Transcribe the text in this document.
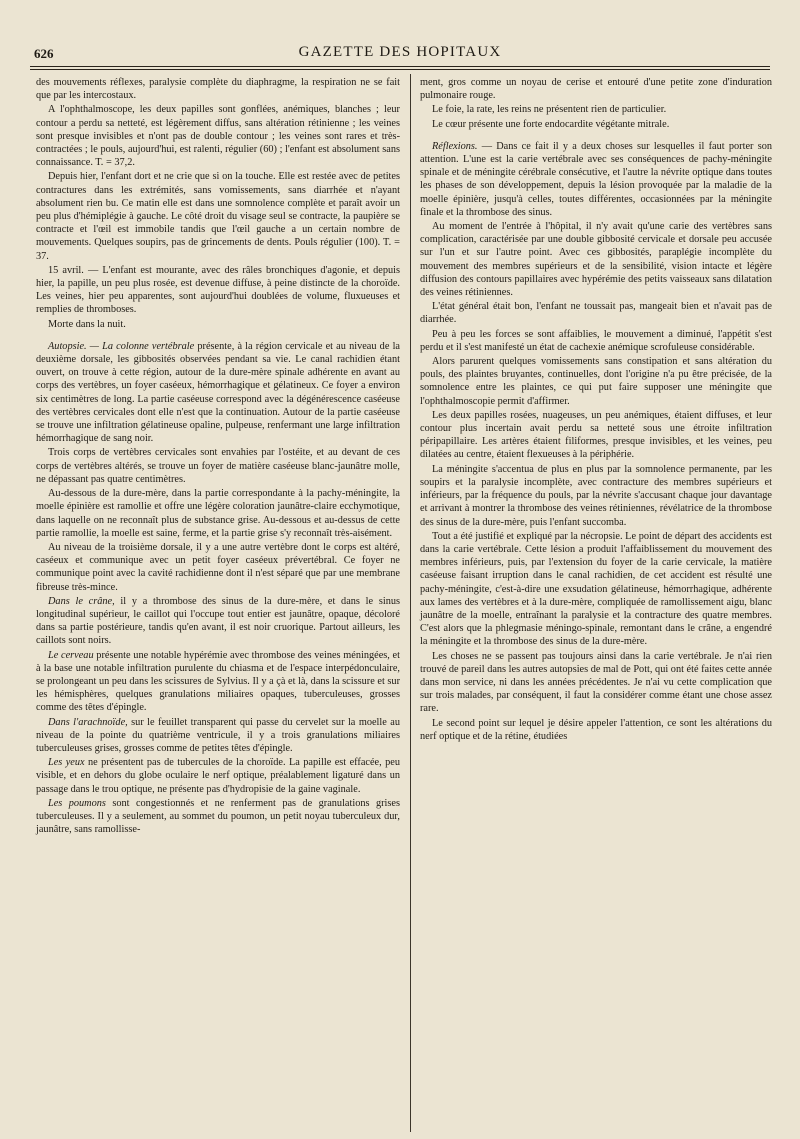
626	GAZETTE DES HOPITAUX

des mouvements réflexes, paralysie complète du diaphragme, la respiration ne se fait que par les intercostaux.

A l'ophthalmoscope, les deux papilles sont gonflées, anémiques, blanches ; leur contour a perdu sa netteté, est légèrement diffus, sans altération rétinienne ; les veines sont presque invisibles et n'ont pas de double contour ; les veines sont rares et très-contractées ; le pouls, aujourd'hui, est ralenti, régulier (60) ; l'enfant est absolument sans connaissance. T. = 37,2.

Depuis hier, l'enfant dort et ne crie que si on la touche. Elle est restée avec de petites contractures dans les extrémités, sans vomissements, sans diarrhée et n'ayant absolument rien bu. Ce matin elle est dans une somnolence complète et paraît avoir un peu plus d'hémiplégie à gauche. Le côté droit du visage seul se contracte, la paupière se contracte et l'œil est immobile tandis que l'œil gauche a un certain nombre de mouvements. Quelques soupirs, pas de grincements de dents. Pouls régulier (100). T. = 37.

15 avril. — L'enfant est mourante, avec des râles bronchiques d'agonie, et depuis hier, la papille, un peu plus rosée, est devenue diffuse, à peine distincte de la choroïde. Les veines, hier peu apparentes, sont aujourd'hui doublées de volume, fluxueuses et remplies de thromboses.

Morte dans la nuit.

Autopsie. — La colonne vertébrale présente, à la région cervicale et au niveau de la deuxième dorsale, les gibbosités observées pendant sa vie. Le canal rachidien étant ouvert, on trouve à cette région, autour de la dure-mère spinale adhérente en avant au corps des vertèbres, un foyer caséeux, hémorrhagique et gélatineux. Ce foyer a environ six centimètres de long. La partie caséeuse correspond avec la dégénérescence caséeuse des vertèbres cervicales dont elle n'est que la continuation. Autour de la partie caséeuse se trouve une infiltration gélatineuse opaline, pulpeuse, renfermant une large infiltration hémorrhagique de sang noir.

Trois corps de vertèbres cervicales sont envahies par l'ostéite, et au devant de ces corps de vertèbres altérés, se trouve un foyer de matière caséeuse blanc-jaunâtre molle, ne dépassant pas quatre centimètres.

Au-dessous de la dure-mère, dans la partie correspondante à la pachy-méningite, la moelle épinière est ramollie et offre une légère coloration jaunâtre-claire ecchymotique, dans laquelle on ne reconnaît plus de substance grise. Au-dessous et au-dessus de cette partie ramollie, la moelle est saine, ferme, et la partie grise s'y reconnaît très-aisément.

Au niveau de la troisième dorsale, il y a une autre vertèbre dont le corps est altéré, caséeux et communique avec un petit foyer caséeux prévertébral. Ce foyer ne communique point avec la cavité rachidienne dont il n'est séparé que par une membrane fibreuse très-mince.

Dans le crâne, il y a thrombose des sinus de la dure-mère, et dans le sinus longitudinal supérieur, le caillot qui l'occupe tout entier est jaunâtre, opaque, décoloré dans sa partie postérieure, tandis qu'en avant, il est noir cruorique. Partout ailleurs, les caillots sont noirs.

Le cerveau présente une notable hypérémie avec thrombose des veines méningées, et à la base une notable infiltration purulente du chiasma et de l'espace interpédonculaire, se prolongeant un peu dans les scissures de Sylvius. Il y a çà et là, dans la scissure et sur les hémisphères, quelques granulations miliaires opaques, tuberculeuses, grosses comme des têtes d'épingle.

Dans l'arachnoïde, sur le feuillet transparent qui passe du cervelet sur la moelle au niveau de la pointe du quatrième ventricule, il y a trois granulations miliaires tuberculeuses grises, grosses comme de petites têtes d'épingle.

Les yeux ne présentent pas de tubercules de la choroïde. La papille est effacée, peu visible, et en dehors du globe oculaire le nerf optique, préalablement ligaturé dans un passage dans le trou optique, ne présente pas d'hydropisie de la gaine vaginale.

Les poumons sont congestionnés et ne renferment pas de granulations grises tuberculeuses. Il y a seulement, au sommet du poumon, un petit noyau tuberculeux dur, jaunâtre, sans ramollisse-

ment, gros comme un noyau de cerise et entouré d'une petite zone d'induration pulmonaire rouge.

Le foie, la rate, les reins ne présentent rien de particulier.

Le cœur présente une forte endocardite végétante mitrale.

Réflexions. — Dans ce fait il y a deux choses sur lesquelles il faut porter son attention. L'une est la carie vertébrale avec ses conséquences de pachy-méningite spinale et de méningite cérébrale consécutive, et l'autre la névrite optique dans toutes les phases de son développement, depuis la lésion provoquée par la maladie de la moelle épinière, jusqu'à celles, toutes différentes, occasionnées par la méningite finale et la thrombose des sinus.

Au moment de l'entrée à l'hôpital, il n'y avait qu'une carie des vertèbres sans complication, caractérisée par une double gibbosité cervicale et dorsale peu accusée sur l'un et sur l'autre point. Avec ces gibbosités, paraplégie incomplète du mouvement des membres supérieurs et de la sensibilité, vision intacte et légère diffusion des contours papillaires avec hypérémie des petits vaisseaux sans dilatation des veines rétiniennes.

L'état général était bon, l'enfant ne toussait pas, mangeait bien et n'avait pas de diarrhée.

Peu à peu les forces se sont affaiblies, le mouvement a diminué, l'appétit s'est perdu et il s'est manifesté un état de cachexie anémique scrofuleuse considérable.

Alors parurent quelques vomissements sans constipation et sans altération du pouls, des plaintes bruyantes, continuelles, dont l'origine n'a pu être précisée, de la somnolence entre les plaintes, ce qui put faire supposer une méningite que l'ophthalmoscopie permit d'affirmer.

Les deux papilles rosées, nuageuses, un peu anémiques, étaient diffuses, et leur contour plus incertain avait perdu sa netteté sous une étroite infiltration péripapillaire. Les artères étaient filiformes, presque invisibles, et les veines, peu dilatées au centre, étaient flexueuses à la périphérie.

La méningite s'accentua de plus en plus par la somnolence permanente, par les soupirs et la paralysie incomplète, avec contracture des membres supérieurs et inférieurs, par la fréquence du pouls, par la névrite s'accusant chaque jour davantage et arrivant à montrer la thrombose des veines rétiniennes, révélatrice de la thrombose des sinus de la dure-mère, puis l'enfant succomba.

Tout a été justifié et expliqué par la nécropsie. Le point de départ des accidents est dans la carie vertébrale. Cette lésion a produit l'affaiblissement du mouvement des membres inférieurs, puis, par l'extension du foyer de la carie cervicale, la matière caséeuse faisant irruption dans le canal rachidien, de cet accident est résulté une pachy-méningite, c'est-à-dire une exsudation gélatineuse, hémorrhagique, adhérente aux lames des vertèbres et à la dure-mère, compliquée de ramollissement aigu, blanc jaunâtre de la moelle, entraînant la paralysie et la contracture des quatre membres. C'est alors que la phlegmasie méningo-spinale, remontant dans le crâne, a engendré la méningite et la thrombose des sinus de la dure-mère.

Les choses ne se passent pas toujours ainsi dans la carie vertébrale. Je n'ai rien trouvé de pareil dans les autres autopsies de mal de Pott, qui ont été faites cette année dans mon service, ni dans les années précédentes. Je n'ai vu cette complication que sur trois malades, par conséquent, il faut la considérer comme étant une chose assez rare.

Le second point sur lequel je désire appeler l'attention, ce sont les altérations du nerf optique et de la rétine, étudiées
